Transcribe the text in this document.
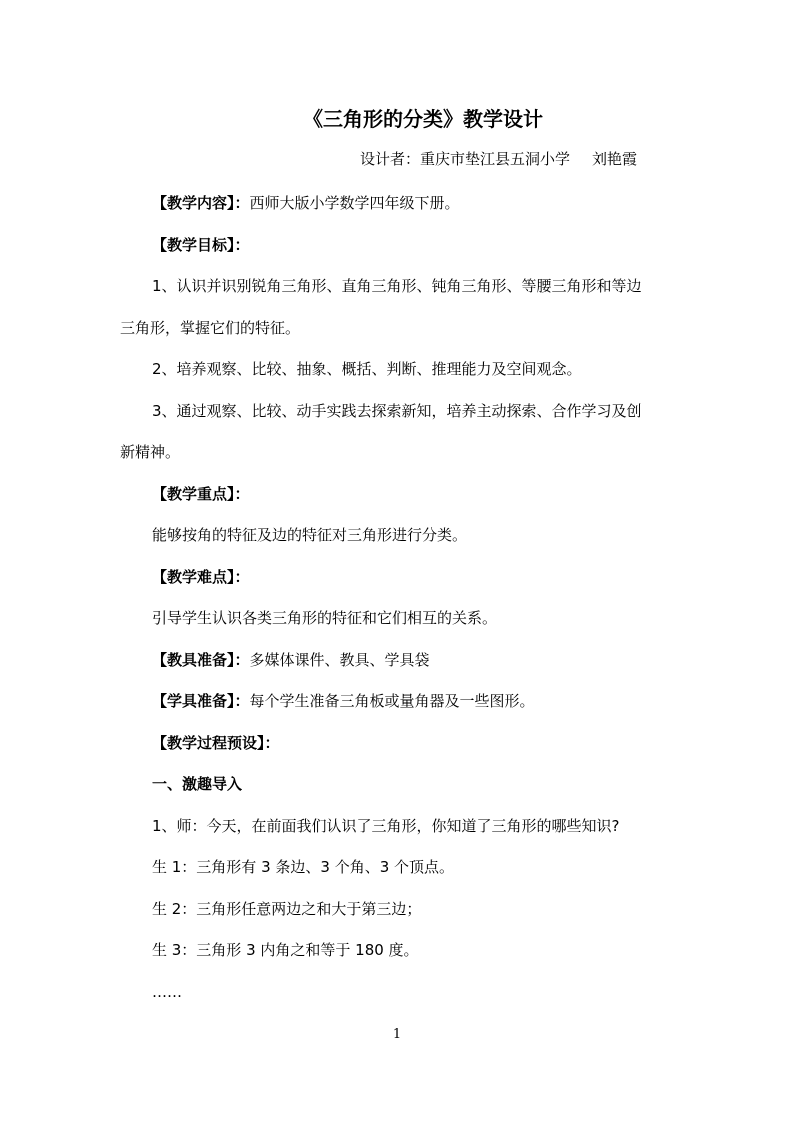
《三角形的分类》教学设计
设计者：重庆市垫江县五洞小学 刘艳霞
【教学内容】：西师大版小学数学四年级下册。
【教学目标】：
1、认识并识别锐角三角形、直角三角形、钝角三角形、等腰三角形和等边
三角形，掌握它们的特征。
2、培养观察、比较、抽象、概括、判断、推理能力及空间观念。
3、通过观察、比较、动手实践去探索新知，培养主动探索、合作学习及创
新精神。
【教学重点】：
能够按角的特征及边的特征对三角形进行分类。
【教学难点】：
引导学生认识各类三角形的特征和它们相互的关系。
【教具准备】：多媒体课件、教具、学具袋
【学具准备】：每个学生准备三角板或量角器及一些图形。
【教学过程预设】：
一、激趣导入
1、师：今天，在前面我们认识了三角形，你知道了三角形的哪些知识?
生 1：三角形有 3 条边、3 个角、3 个顶点。
生 2：三角形任意两边之和大于第三边；
生 3：三角形 3 内角之和等于 180 度。
……
1
